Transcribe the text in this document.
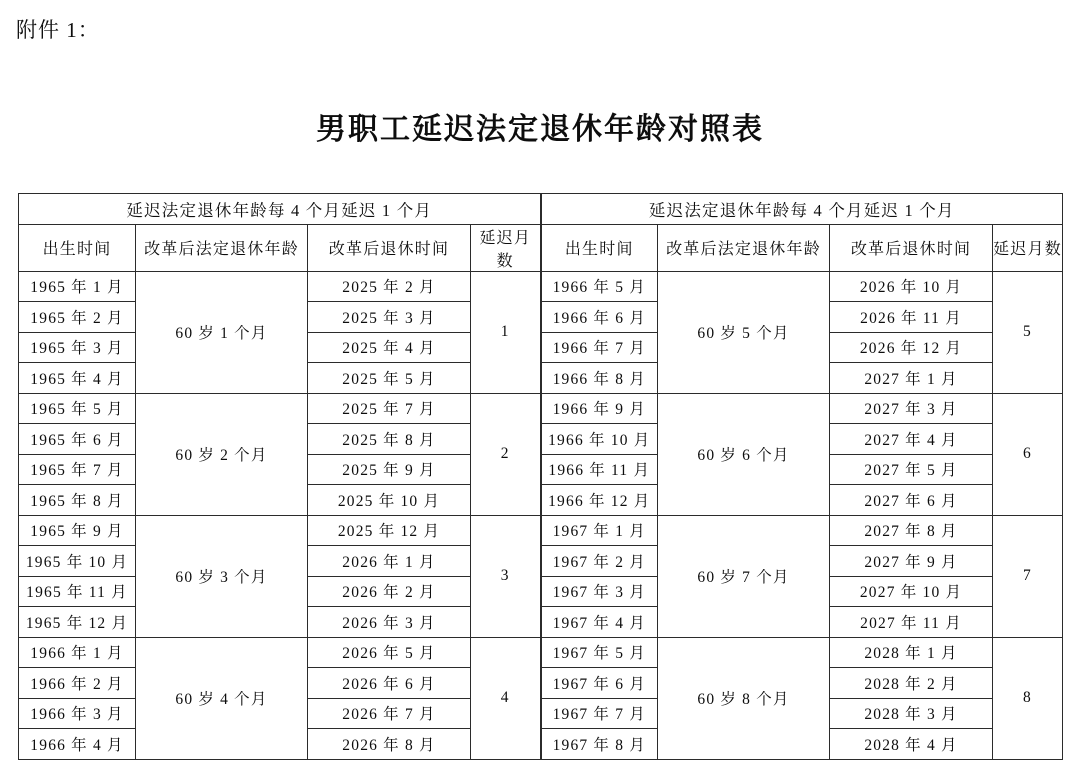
附件 1：
男职工延迟法定退休年龄对照表
延迟法定退休年龄每 4 个月延迟 1 个月				延迟法定退休年龄每 4 个月延迟 1 个月			
出生时间	改革后法定退休年龄	改革后退休时间	延迟月数	出生时间	改革后法定退休年龄	改革后退休时间	延迟月数
1965 年 1 月	60 岁 1 个月	2025 年 2 月	1	1966 年 5 月	60 岁 5 个月	2026 年 10 月	5
1965 年 2 月		2025 年 3 月		1966 年 6 月		2026 年 11 月	
1965 年 3 月		2025 年 4 月		1966 年 7 月		2026 年 12 月	
1965 年 4 月		2025 年 5 月		1966 年 8 月		2027 年 1 月	
1965 年 5 月	60 岁 2 个月	2025 年 7 月	2	1966 年 9 月	60 岁 6 个月	2027 年 3 月	6
1965 年 6 月		2025 年 8 月		1966 年 10 月		2027 年 4 月	
1965 年 7 月		2025 年 9 月		1966 年 11 月		2027 年 5 月	
1965 年 8 月		2025 年 10 月		1966 年 12 月		2027 年 6 月	
1965 年 9 月	60 岁 3 个月	2025 年 12 月	3	1967 年 1 月	60 岁 7 个月	2027 年 8 月	7
1965 年 10 月		2026 年 1 月		1967 年 2 月		2027 年 9 月	
1965 年 11 月		2026 年 2 月		1967 年 3 月		2027 年 10 月	
1965 年 12 月		2026 年 3 月		1967 年 4 月		2027 年 11 月	
1966 年 1 月	60 岁 4 个月	2026 年 5 月	4	1967 年 5 月	60 岁 8 个月	2028 年 1 月	8
1966 年 2 月		2026 年 6 月		1967 年 6 月		2028 年 2 月	
1966 年 3 月		2026 年 7 月		1967 年 7 月		2028 年 3 月	
1966 年 4 月		2026 年 8 月		1967 年 8 月		2028 年 4 月	
